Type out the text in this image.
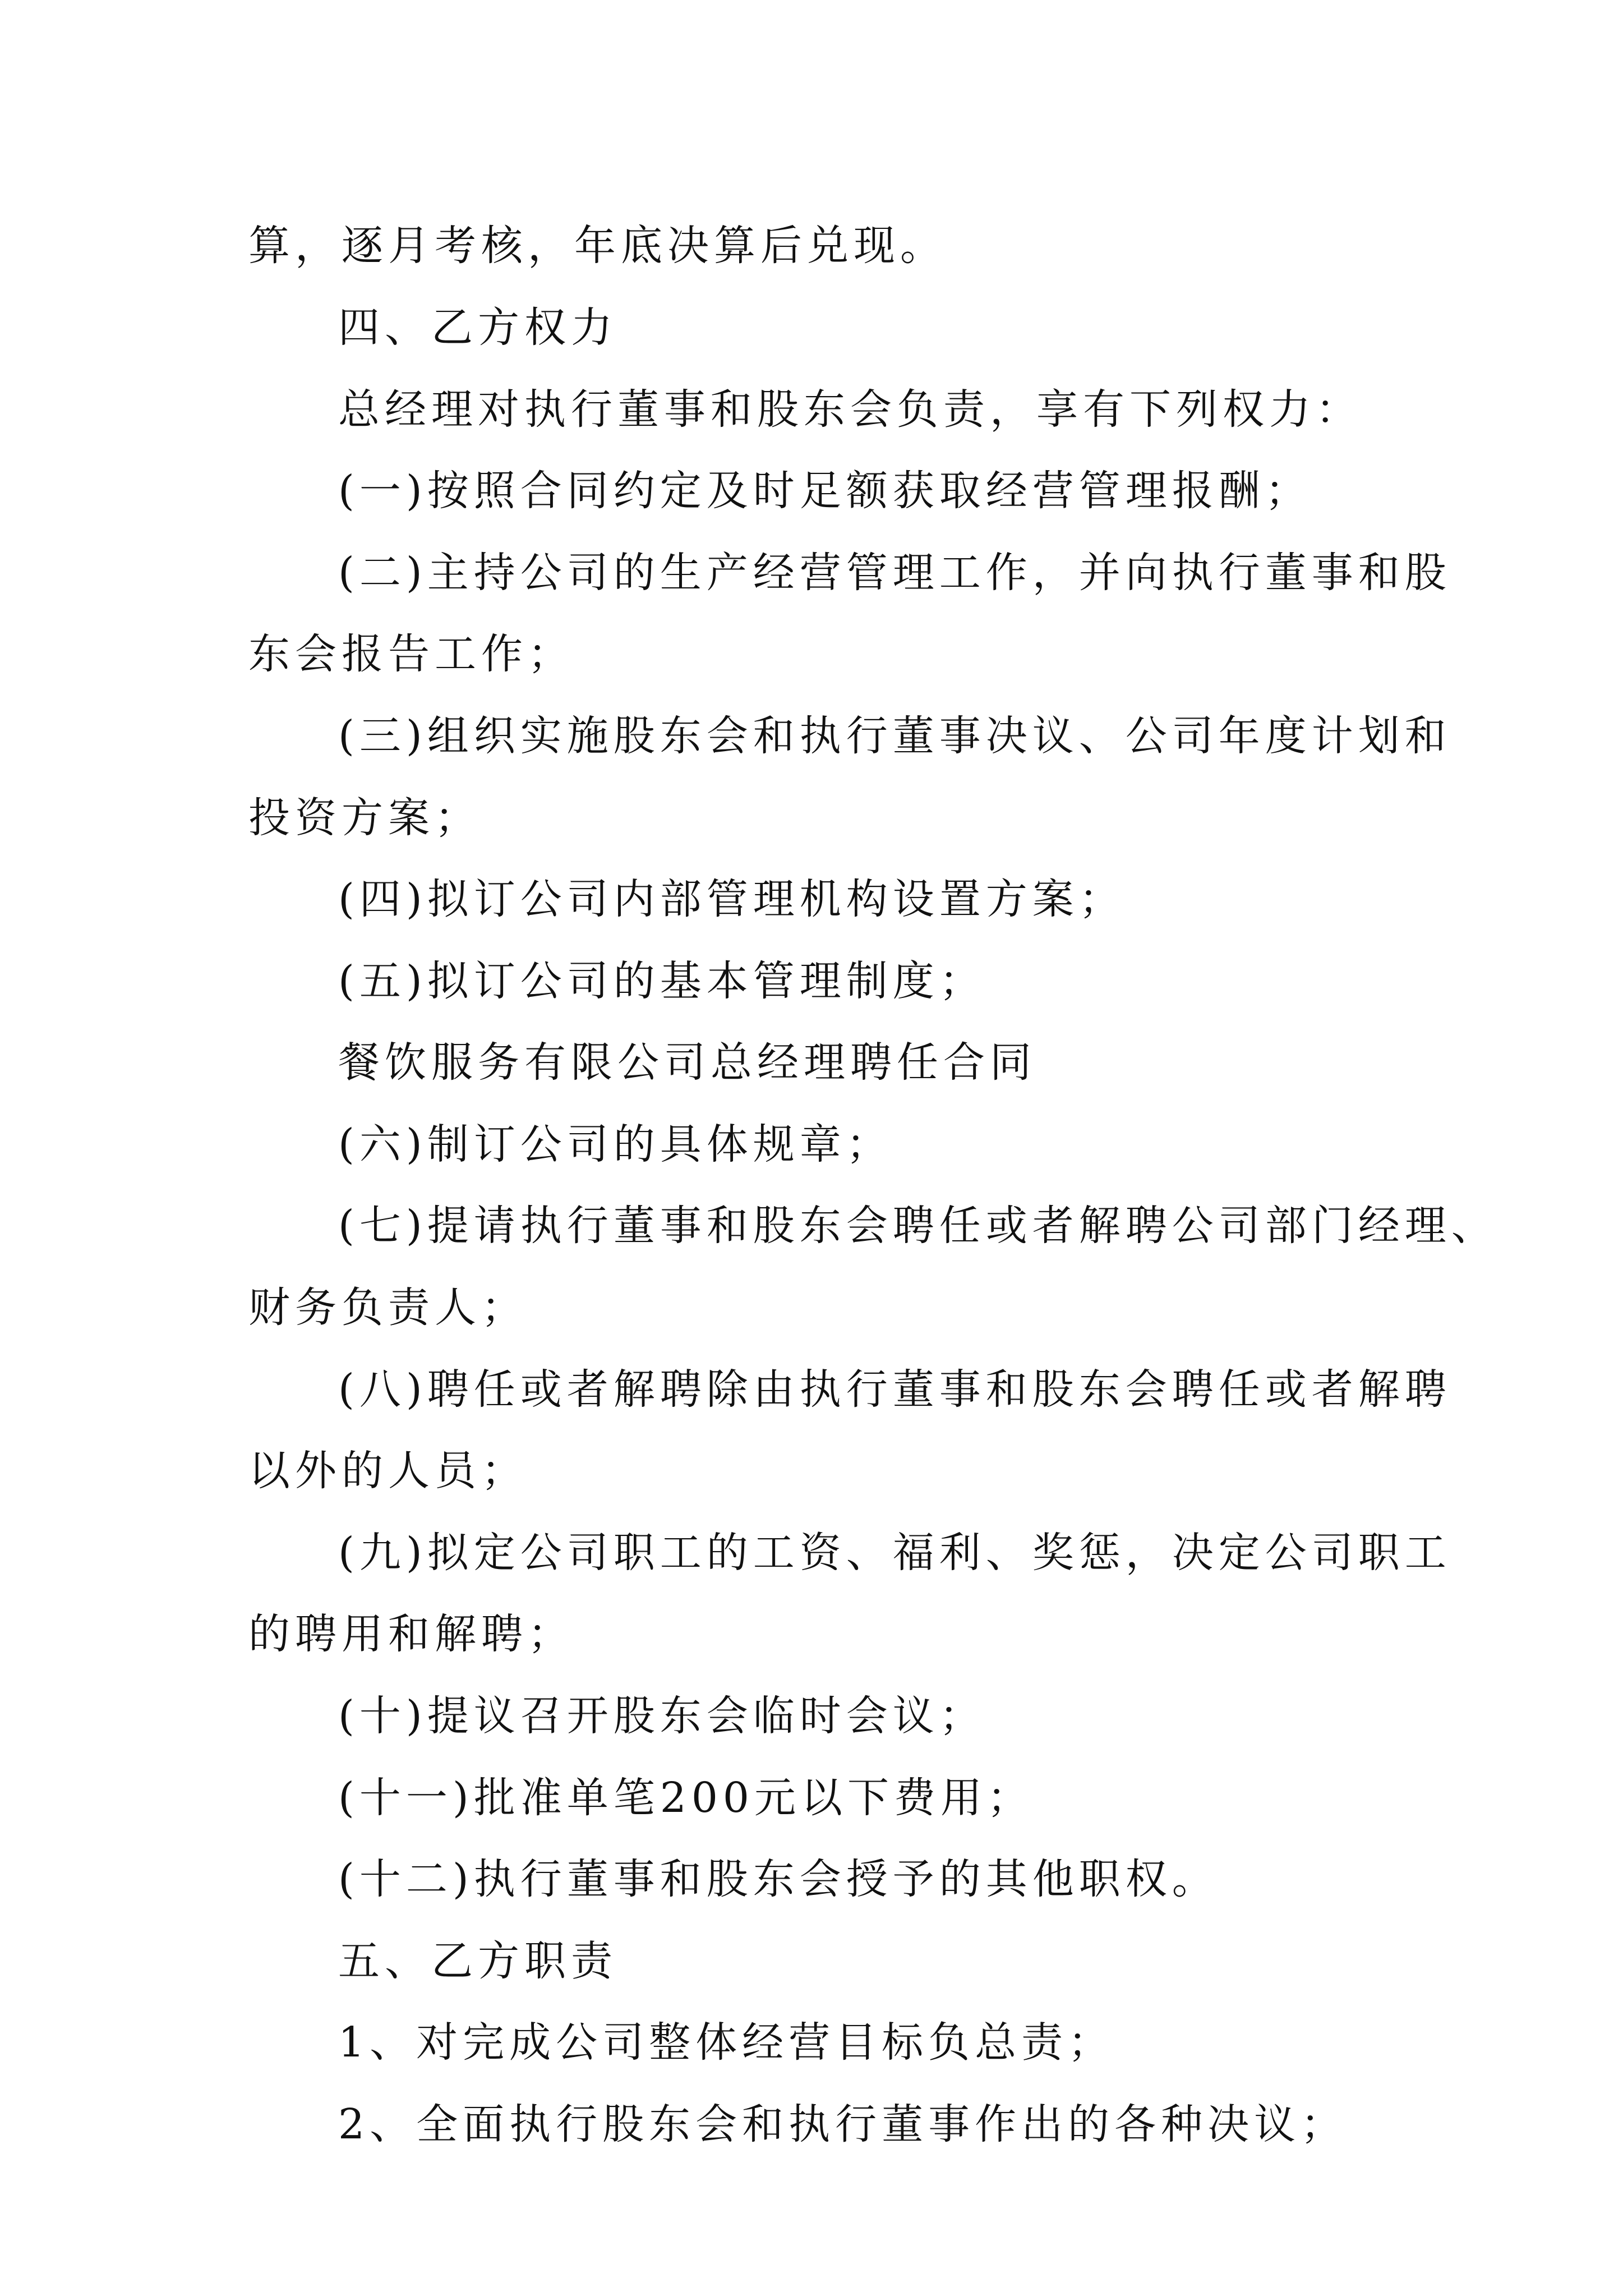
算，逐月考核，年底决算后兑现。
四、乙方权力
总经理对执行董事和股东会负责，享有下列权力：
(一)按照合同约定及时足额获取经营管理报酬；
(二)主持公司的生产经营管理工作，并向执行董事和股
东会报告工作；
(三)组织实施股东会和执行董事决议、公司年度计划和
投资方案；
(四)拟订公司内部管理机构设置方案；
(五)拟订公司的基本管理制度；
餐饮服务有限公司总经理聘任合同
(六)制订公司的具体规章；
(七)提请执行董事和股东会聘任或者解聘公司部门经理、
财务负责人；
(八)聘任或者解聘除由执行董事和股东会聘任或者解聘
以外的人员；
(九)拟定公司职工的工资、福利、奖惩，决定公司职工
的聘用和解聘；
(十)提议召开股东会临时会议；
(十一)批准单笔200元以下费用；
(十二)执行董事和股东会授予的其他职权。
五、乙方职责
1、对完成公司整体经营目标负总责；
2、全面执行股东会和执行董事作出的各种决议；
